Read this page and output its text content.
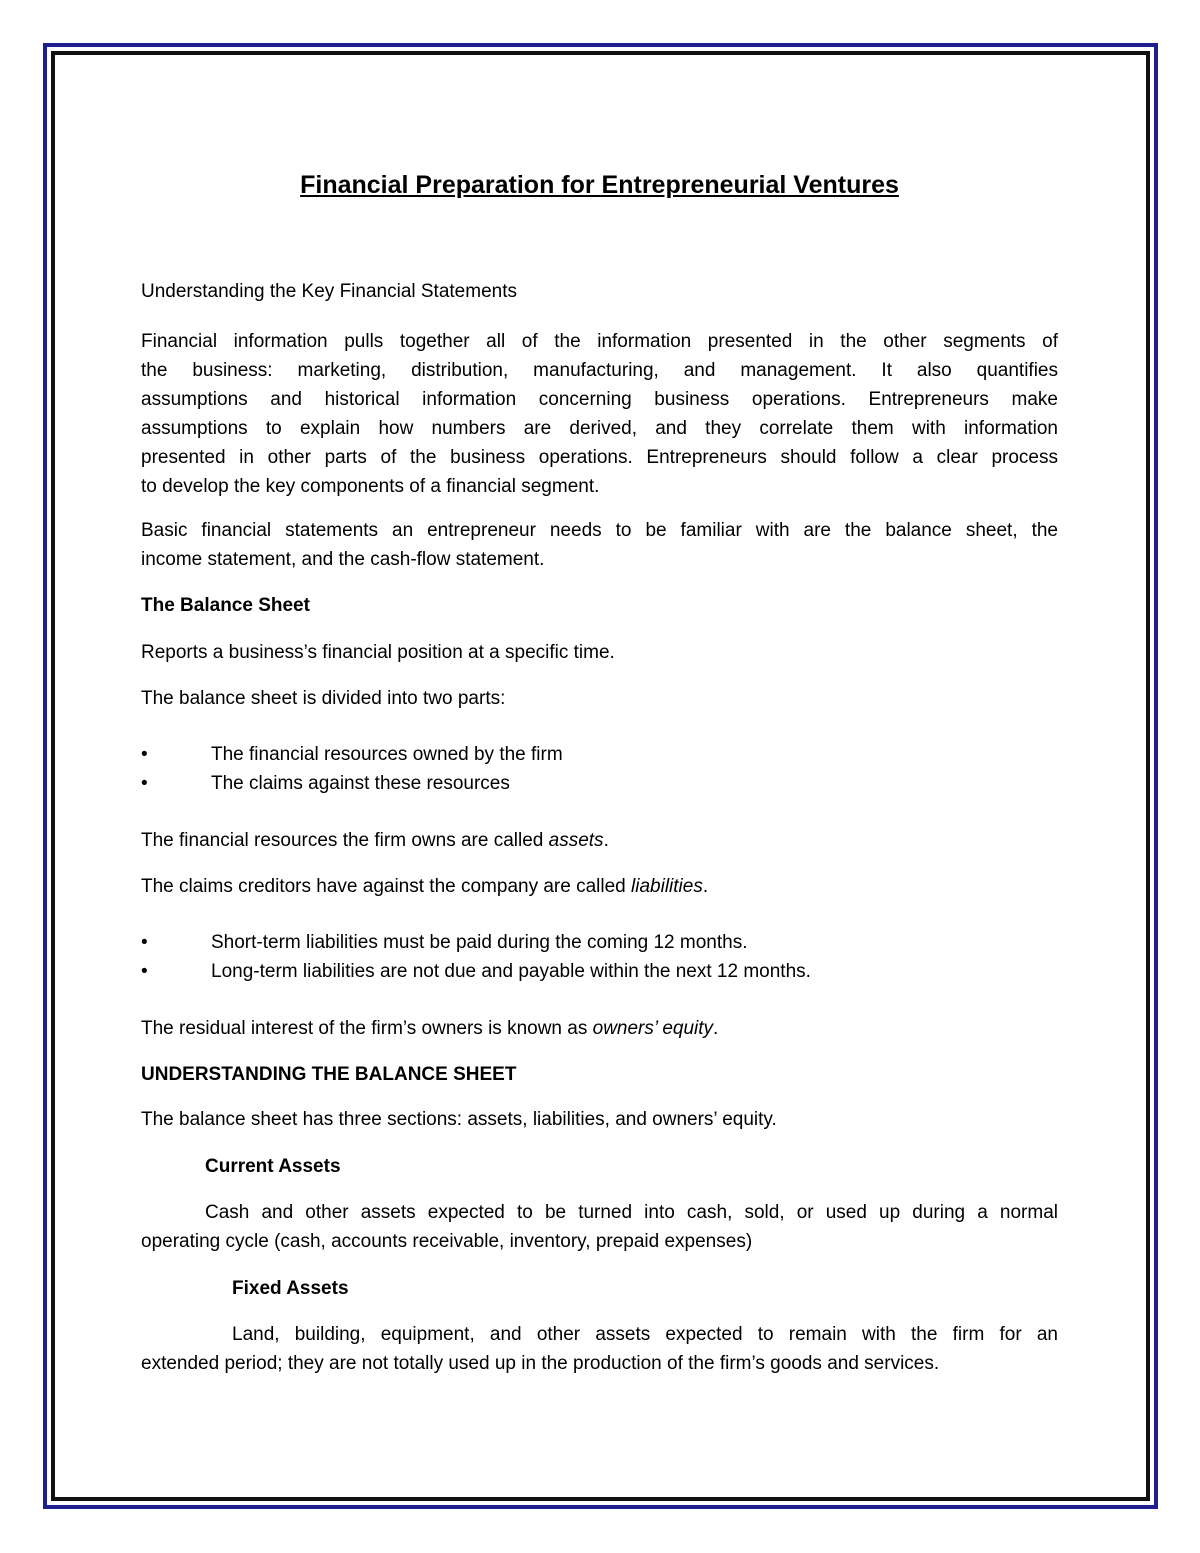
Financial Preparation for Entrepreneurial Ventures

Understanding the Key Financial Statements

Financial information pulls together all of the information presented in the other segments of
the business: marketing, distribution, manufacturing, and management. It also quantifies
assumptions and historical information concerning business operations. Entrepreneurs make
assumptions to explain how numbers are derived, and they correlate them with information
presented in other parts of the business operations. Entrepreneurs should follow a clear process
to develop the key components of a financial segment.
Basic financial statements an entrepreneur needs to be familiar with are the balance sheet, the
income statement, and the cash-flow statement.

The Balance Sheet

Reports a business’s financial position at a specific time.

The balance sheet is divided into two parts:

•	The financial resources owned by the firm
•	The claims against these resources

The financial resources the firm owns are called assets.

The claims creditors have against the company are called liabilities.

•	Short-term liabilities must be paid during the coming 12 months.
•	Long-term liabilities are not due and payable within the next 12 months.

The residual interest of the firm’s owners is known as owners’ equity.

UNDERSTANDING THE BALANCE SHEET

The balance sheet has three sections: assets, liabilities, and owners’ equity.

Current Assets

Cash and other assets expected to be turned into cash, sold, or used up during a normal
operating cycle (cash, accounts receivable, inventory, prepaid expenses)

Fixed Assets

Land, building, equipment, and other assets expected to remain with the firm for an
extended period; they are not totally used up in the production of the firm’s goods and services.
